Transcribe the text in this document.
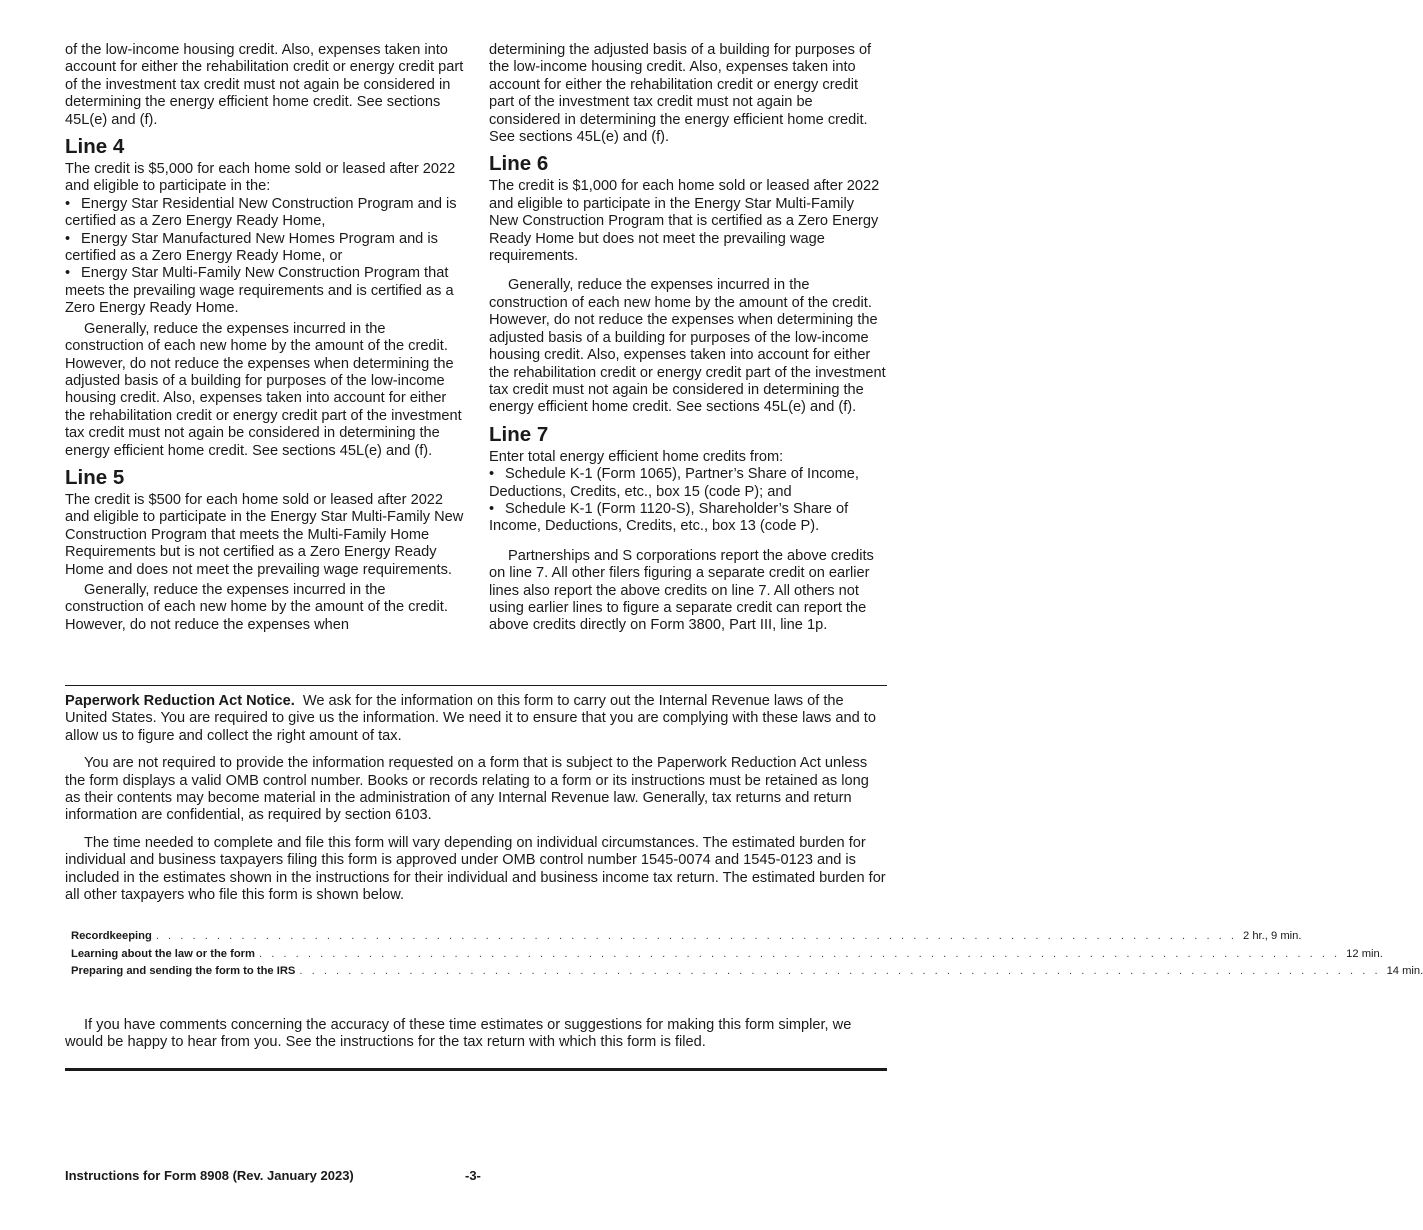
of the low-income housing credit. Also, expenses taken into account for either the rehabilitation credit or energy credit part of the investment tax credit must not again be considered in determining the energy efficient home credit. See sections 45L(e) and (f).

Line 4

The credit is $5,000 for each home sold or leased after 2022 and eligible to participate in the:

• Energy Star Residential New Construction Program and is certified as a Zero Energy Ready Home,

• Energy Star Manufactured New Homes Program and is certified as a Zero Energy Ready Home, or

• Energy Star Multi-Family New Construction Program that meets the prevailing wage requirements and is certified as a Zero Energy Ready Home.

Generally, reduce the expenses incurred in the construction of each new home by the amount of the credit. However, do not reduce the expenses when determining the adjusted basis of a building for purposes of the low-income housing credit. Also, expenses taken into account for either the rehabilitation credit or energy credit part of the investment tax credit must not again be considered in determining the energy efficient home credit. See sections 45L(e) and (f).

Line 5

The credit is $500 for each home sold or leased after 2022 and eligible to participate in the Energy Star Multi-Family New Construction Program that meets the Multi-Family Home Requirements but is not certified as a Zero Energy Ready Home and does not meet the prevailing wage requirements.

Generally, reduce the expenses incurred in the construction of each new home by the amount of the credit. However, do not reduce the expenses when

determining the adjusted basis of a building for purposes of the low-income housing credit. Also, expenses taken into account for either the rehabilitation credit or energy credit part of the investment tax credit must not again be considered in determining the energy efficient home credit. See sections 45L(e) and (f).

Line 6

The credit is $1,000 for each home sold or leased after 2022 and eligible to participate in the Energy Star Multi-Family New Construction Program that is certified as a Zero Energy Ready Home but does not meet the prevailing wage requirements.

Generally, reduce the expenses incurred in the construction of each new home by the amount of the credit. However, do not reduce the expenses when determining the adjusted basis of a building for purposes of the low-income housing credit. Also, expenses taken into account for either the rehabilitation credit or energy credit part of the investment tax credit must not again be considered in determining the energy efficient home credit. See sections 45L(e) and (f).

Line 7

Enter total energy efficient home credits from:

• Schedule K-1 (Form 1065), Partner’s Share of Income, Deductions, Credits, etc., box 15 (code P); and

• Schedule K-1 (Form 1120-S), Shareholder’s Share of Income, Deductions, Credits, etc., box 13 (code P).

Partnerships and S corporations report the above credits on line 7. All other filers figuring a separate credit on earlier lines also report the above credits on line 7. All others not using earlier lines to figure a separate credit can report the above credits directly on Form 3800, Part III, line 1p.

Paperwork Reduction Act Notice. We ask for the information on this form to carry out the Internal Revenue laws of the United States. You are required to give us the information. We need it to ensure that you are complying with these laws and to allow us to figure and collect the right amount of tax.

You are not required to provide the information requested on a form that is subject to the Paperwork Reduction Act unless the form displays a valid OMB control number. Books or records relating to a form or its instructions must be retained as long as their contents may become material in the administration of any Internal Revenue law. Generally, tax returns and return information are confidential, as required by section 6103.

The time needed to complete and file this form will vary depending on individual circumstances. The estimated burden for individual and business taxpayers filing this form is approved under OMB control number 1545-0074 and 1545-0123 and is included in the estimates shown in the instructions for their individual and business income tax return. The estimated burden for all other taxpayers who file this form is shown below.

Recordkeeping . . . . . . . . . . . . . . . . . . . . . . . . . . . . . . . . . . . . . . . . . . . . . . . . . . . . . . . . . . . . . . . . . . . . . . . . . . . . . . . . . . . . . . . . . 2 hr., 9 min.
Learning about the law or the form . . . . . . . . . . . . . . . . . . . . . . . . . . . . . . . . . . . . . . . . . . . . . . . . . . . . . . . . . . . . . . . . . . . . . . . . . . . . . . . . . . . . . . . . . 12 min.
Preparing and sending the form to the IRS . . . . . . . . . . . . . . . . . . . . . . . . . . . . . . . . . . . . . . . . . . . . . . . . . . . . . . . . . . . . . . . . . . . . . . . . . . . . . . . . . . . . . . . . . 14 min.

If you have comments concerning the accuracy of these time estimates or suggestions for making this form simpler, we would be happy to hear from you. See the instructions for the tax return with which this form is filed.

Instructions for Form 8908 (Rev. January 2023)	-3-
